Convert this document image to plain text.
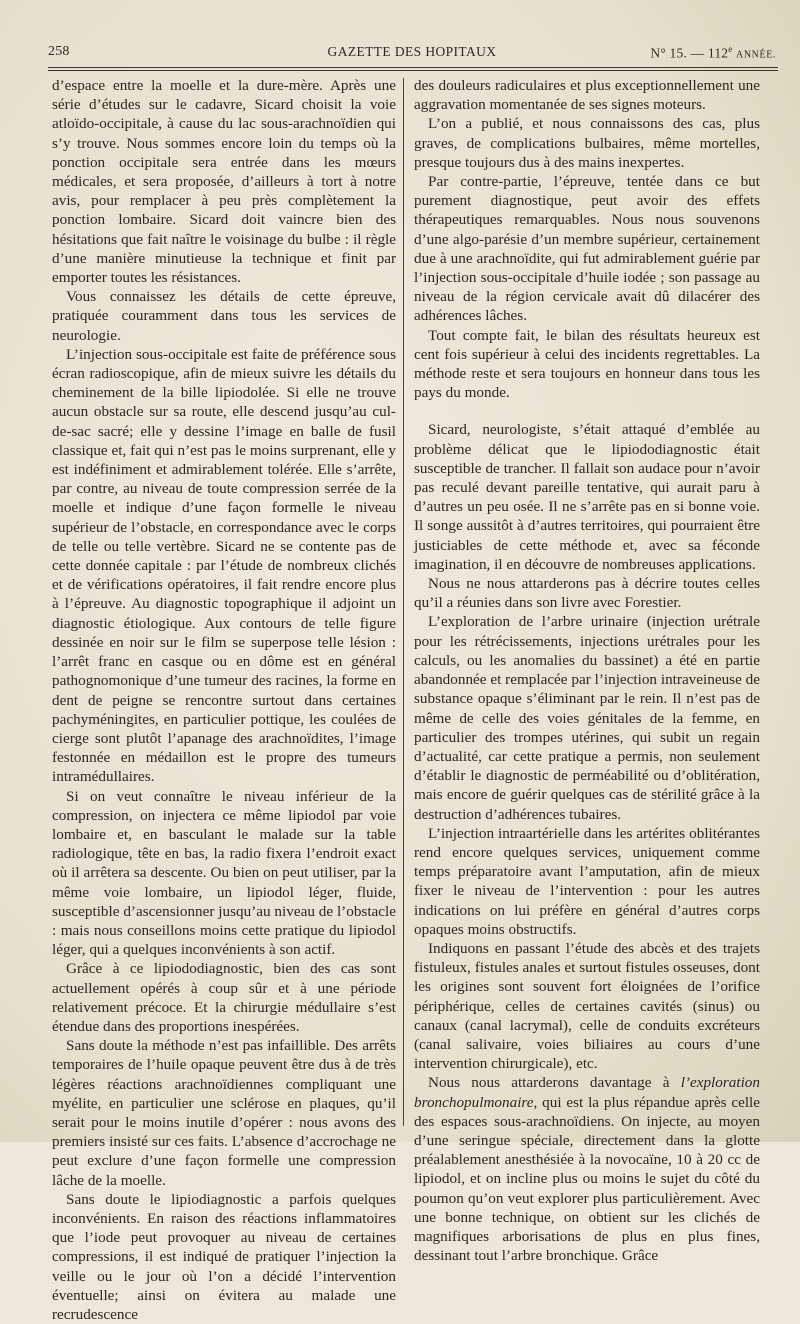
258	GAZETTE DES HOPITAUX	N° 15. — 112e ANNÉE.

d’espace entre la moelle et la dure-mère. Après une série d’études sur le cadavre, Sicard choisit la voie atloïdo-occipitale, à cause du lac sous-arachnoïdien qui s’y trouve. Nous sommes encore loin du temps où la ponction occipitale sera entrée dans les mœurs médicales, et sera proposée, d’ailleurs à tort à notre avis, pour remplacer à peu près complètement la ponction lombaire. Sicard doit vaincre bien des hésitations que fait naître le voisinage du bulbe : il règle d’une manière minutieuse la technique et finit par emporter toutes les résistances.

Vous connaissez les détails de cette épreuve, pratiquée couramment dans tous les services de neurologie.

L’injection sous-occipitale est faite de préférence sous écran radioscopique, afin de mieux suivre les détails du cheminement de la bille lipiodolée. Si elle ne trouve aucun obstacle sur sa route, elle descend jusqu’au cul-de-sac sacré; elle y dessine l’image en balle de fusil classique et, fait qui n’est pas le moins surprenant, elle y est indéfiniment et admirablement tolérée. Elle s’arrête, par contre, au niveau de toute compression serrée de la moelle et indique d’une façon formelle le niveau supérieur de l’obstacle, en correspondance avec le corps de telle ou telle vertèbre. Sicard ne se contente pas de cette donnée capitale : par l’étude de nombreux clichés et de vérifications opératoires, il fait rendre encore plus à l’épreuve. Au diagnostic topographique il adjoint un diagnostic étiologique. Aux contours de telle figure dessinée en noir sur le film se superpose telle lésion : l’arrêt franc en casque ou en dôme est en général pathognomonique d’une tumeur des racines, la forme en dent de peigne se rencontre surtout dans certaines pachyméningites, en particulier pottique, les coulées de cierge sont plutôt l’apanage des arachnoïdites, l’image festonnée en médaillon est le propre des tumeurs intramédullaires.

Si on veut connaître le niveau inférieur de la compression, on injectera ce même lipiodol par voie lombaire et, en basculant le malade sur la table radiologique, tête en bas, la radio fixera l’endroit exact où il arrêtera sa descente. Ou bien on peut utiliser, par la même voie lombaire, un lipiodol léger, fluide, susceptible d’ascensionner jusqu’au niveau de l’obstacle : mais nous conseillons moins cette pratique du lipiodol léger, qui a quelques inconvénients à son actif.

Grâce à ce lipiododiagnostic, bien des cas sont actuellement opérés à coup sûr et à une période relativement précoce. Et la chirurgie médullaire s’est étendue dans des proportions inespérées.

Sans doute la méthode n’est pas infaillible. Des arrêts temporaires de l’huile opaque peuvent être dus à de très légères réactions arachnoïdiennes compliquant une myélite, en particulier une sclérose en plaques, qu’il serait pour le moins inutile d’opérer : nous avons des premiers insisté sur ces faits. L’absence d’accrochage ne peut exclure d’une façon formelle une compression lâche de la moelle.

Sans doute le lipiodiagnostic a parfois quelques inconvénients. En raison des réactions inflammatoires que l’iode peut provoquer au niveau de certaines compressions, il est indiqué de pratiquer l’injection la veille ou le jour où l’on a décidé l’intervention éventuelle; ainsi on évitera au malade une recrudescence

des douleurs radiculaires et plus exceptionnellement une aggravation momentanée de ses signes moteurs.

L’on a publié, et nous connaissons des cas, plus graves, de complications bulbaires, même mortelles, presque toujours dus à des mains inexpertes.

Par contre-partie, l’épreuve, tentée dans ce but purement diagnostique, peut avoir des effets thérapeutiques remarquables. Nous nous souvenons d’une algo-parésie d’un membre supérieur, certainement due à une arachnoïdite, qui fut admirablement guérie par l’injection sous-occipitale d’huile iodée ; son passage au niveau de la région cervicale avait dû dilacérer des adhérences lâches.

Tout compte fait, le bilan des résultats heureux est cent fois supérieur à celui des incidents regrettables. La méthode reste et sera toujours en honneur dans tous les pays du monde.

Sicard, neurologiste, s’était attaqué d’emblée au problème délicat que le lipiododiagnostic était susceptible de trancher. Il fallait son audace pour n’avoir pas reculé devant pareille tentative, qui aurait paru à d’autres un peu osée. Il ne s’arrête pas en si bonne voie. Il songe aussitôt à d’autres territoires, qui pourraient être justiciables de cette méthode et, avec sa féconde imagination, il en découvre de nombreuses applications.

Nous ne nous attarderons pas à décrire toutes celles qu’il a réunies dans son livre avec Forestier.

L’exploration de l’arbre urinaire (injection urétrale pour les rétrécissements, injections urétrales pour les calculs, ou les anomalies du bassinet) a été en partie abandonnée et remplacée par l’injection intraveineuse de substance opaque s’éliminant par le rein. Il n’est pas de même de celle des voies génitales de la femme, en particulier des trompes utérines, qui subit un regain d’actualité, car cette pratique a permis, non seulement d’établir le diagnostic de perméabilité ou d’oblitération, mais encore de guérir quelques cas de stérilité grâce à la destruction d’adhérences tubaires.

L’injection intraartérielle dans les artérites oblitérantes rend encore quelques services, uniquement comme temps préparatoire avant l’amputation, afin de mieux fixer le niveau de l’intervention : pour les autres indications on lui préfère en général d’autres corps opaques moins obstructifs.

Indiquons en passant l’étude des abcès et des trajets fistuleux, fistules anales et surtout fistules osseuses, dont les origines sont souvent fort éloignées de l’orifice périphérique, celles de certaines cavités (sinus) ou canaux (canal lacrymal), celle de conduits excréteurs (canal salivaire, voies biliaires au cours d’une intervention chirurgicale), etc.

Nous nous attarderons davantage à l’exploration bronchopulmonaire, qui est la plus répandue après celle des espaces sous-arachnoïdiens. On injecte, au moyen d’une seringue spéciale, directement dans la glotte préalablement anesthésiée à la novocaïne, 10 à 20 cc de lipiodol, et on incline plus ou moins le sujet du côté du poumon qu’on veut explorer plus particulièrement. Avec une bonne technique, on obtient sur les clichés de magnifiques arborisations de plus en plus fines, dessinant tout l’arbre bronchique. Grâce
